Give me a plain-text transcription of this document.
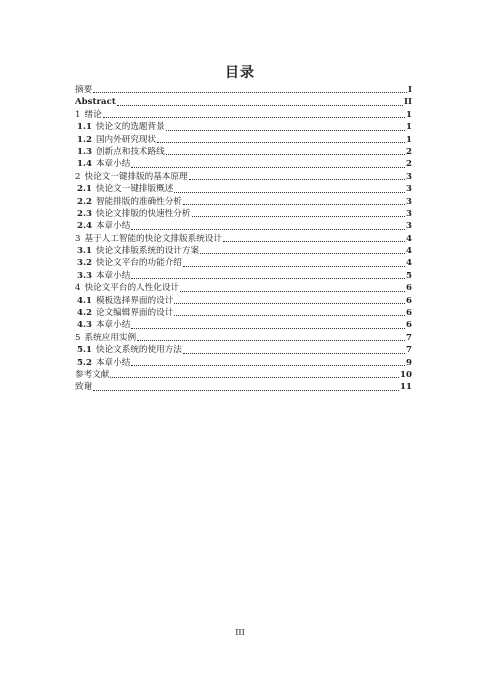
目录
摘要	I
Abstract	II
1 绪论	1
1.1 快论文的选题背景	1
1.2 国内外研究现状	1
1.3 创新点和技术路线	2
1.4 本章小结	2
2 快论文一键排版的基本原理	3
2.1 快论文一键排版概述	3
2.2 智能排版的准确性分析	3
2.3 快论文排版的快速性分析	3
2.4 本章小结	3
3 基于人工智能的快论文排版系统设计	4
3.1 快论文排版系统的设计方案	4
3.2 快论文平台的功能介绍	4
3.3 本章小结	5
4 快论文平台的人性化设计	6
4.1 模板选择界面的设计	6
4.2 论文编辑界面的设计	6
4.3 本章小结	6
5 系统应用实例	7
5.1 快论文系统的使用方法	7
5.2 本章小结	9
参考文献	10
致谢	11
III
